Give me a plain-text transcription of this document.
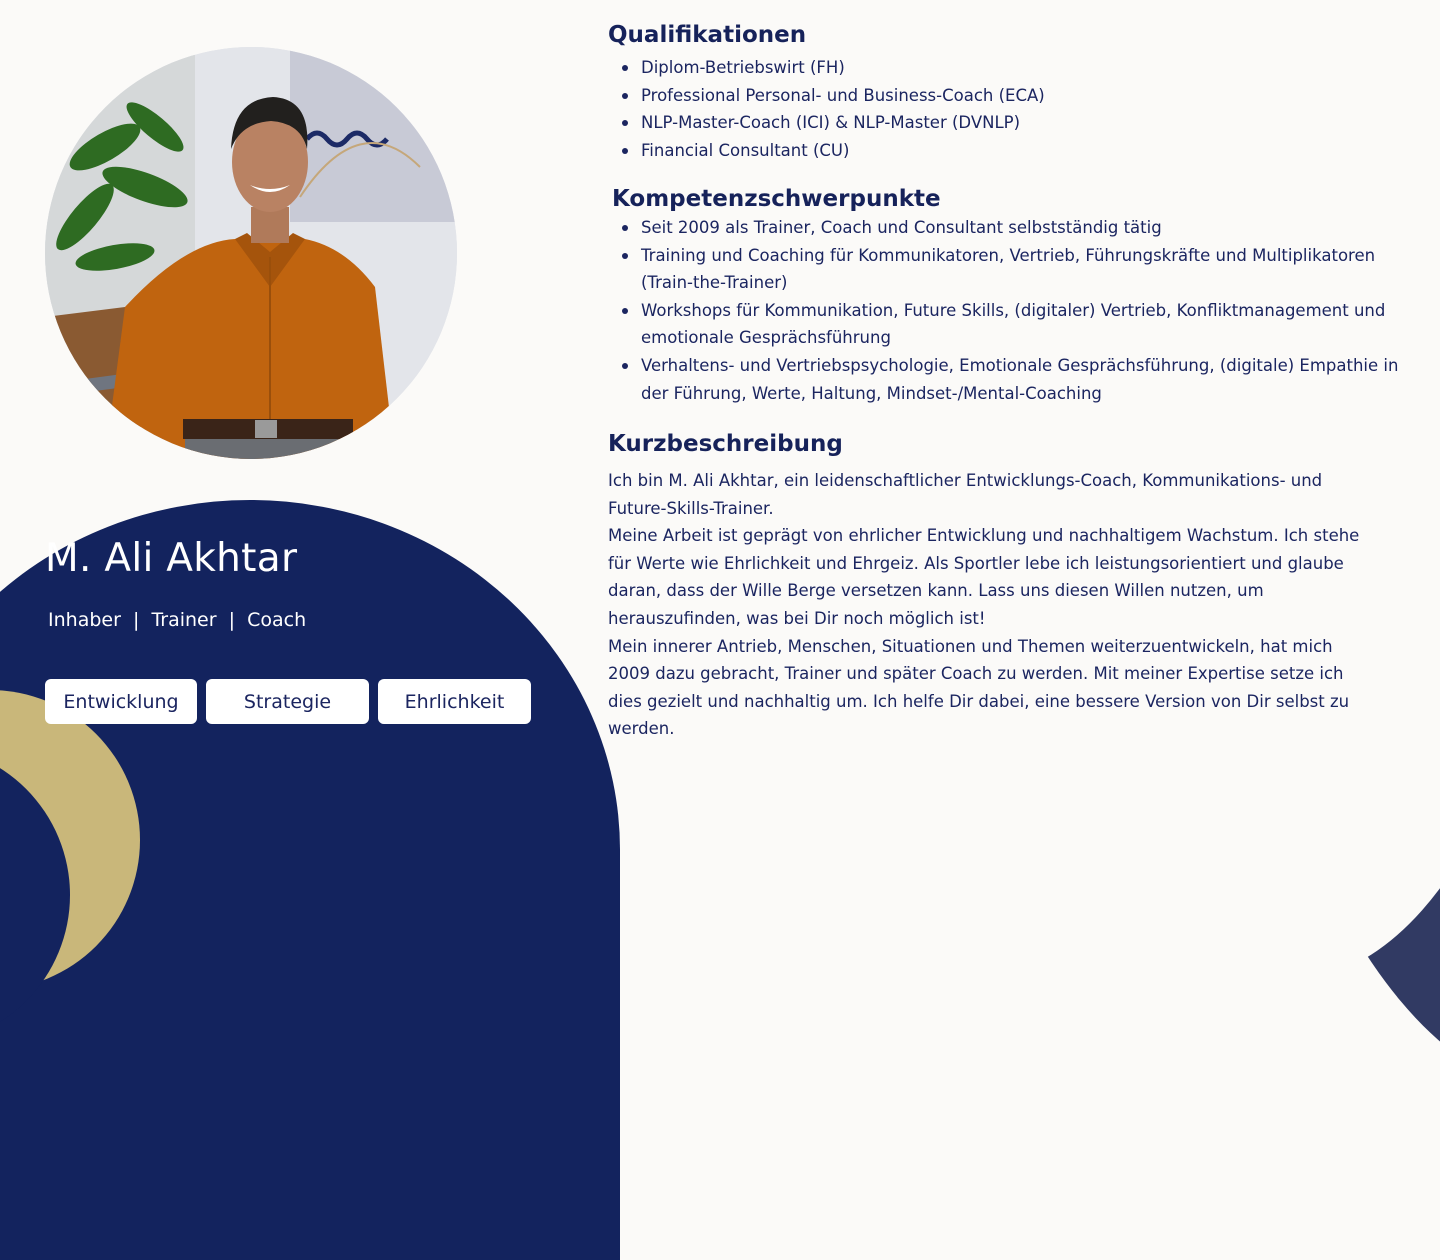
M. Ali Akhtar
Inhaber  |  Trainer  |  Coach
Entwicklung	Strategie	Ehrlichkeit
Qualifikationen
Diplom-Betriebswirt (FH)
Professional Personal- und Business-Coach (ECA)
NLP-Master-Coach (ICI) & NLP-Master (DVNLP)
Financial Consultant (CU)
Kompetenzschwerpunkte
Seit 2009 als Trainer, Coach und Consultant selbstständig tätig
Training und Coaching für Kommunikatoren, Vertrieb, Führungskräfte und Multiplikatoren (Train-the-Trainer)
Workshops für Kommunikation, Future Skills, (digitaler) Vertrieb, Konfliktmanagement und emotionale Gesprächsführung
Verhaltens- und Vertriebspsychologie, Emotionale Gesprächsführung, (digitale) Empathie in der Führung, Werte, Haltung, Mindset-/Mental-Coaching
Kurzbeschreibung

Ich bin M. Ali Akhtar, ein leidenschaftlicher Entwicklungs-Coach, Kommunikations- und Future-Skills-Trainer.

Meine Arbeit ist geprägt von ehrlicher Entwicklung und nachhaltigem Wachstum. Ich stehe für Werte wie Ehrlichkeit und Ehrgeiz. Als Sportler lebe ich leistungsorientiert und glaube daran, dass der Wille Berge versetzen kann. Lass uns diesen Willen nutzen, um herauszufinden, was bei Dir noch möglich ist!

Mein innerer Antrieb, Menschen, Situationen und Themen weiterzuentwickeln, hat mich 2009 dazu gebracht, Trainer und später Coach zu werden. Mit meiner Expertise setze ich dies gezielt und nachhaltig um. Ich helfe Dir dabei, eine bessere Version von Dir selbst zu werden.
